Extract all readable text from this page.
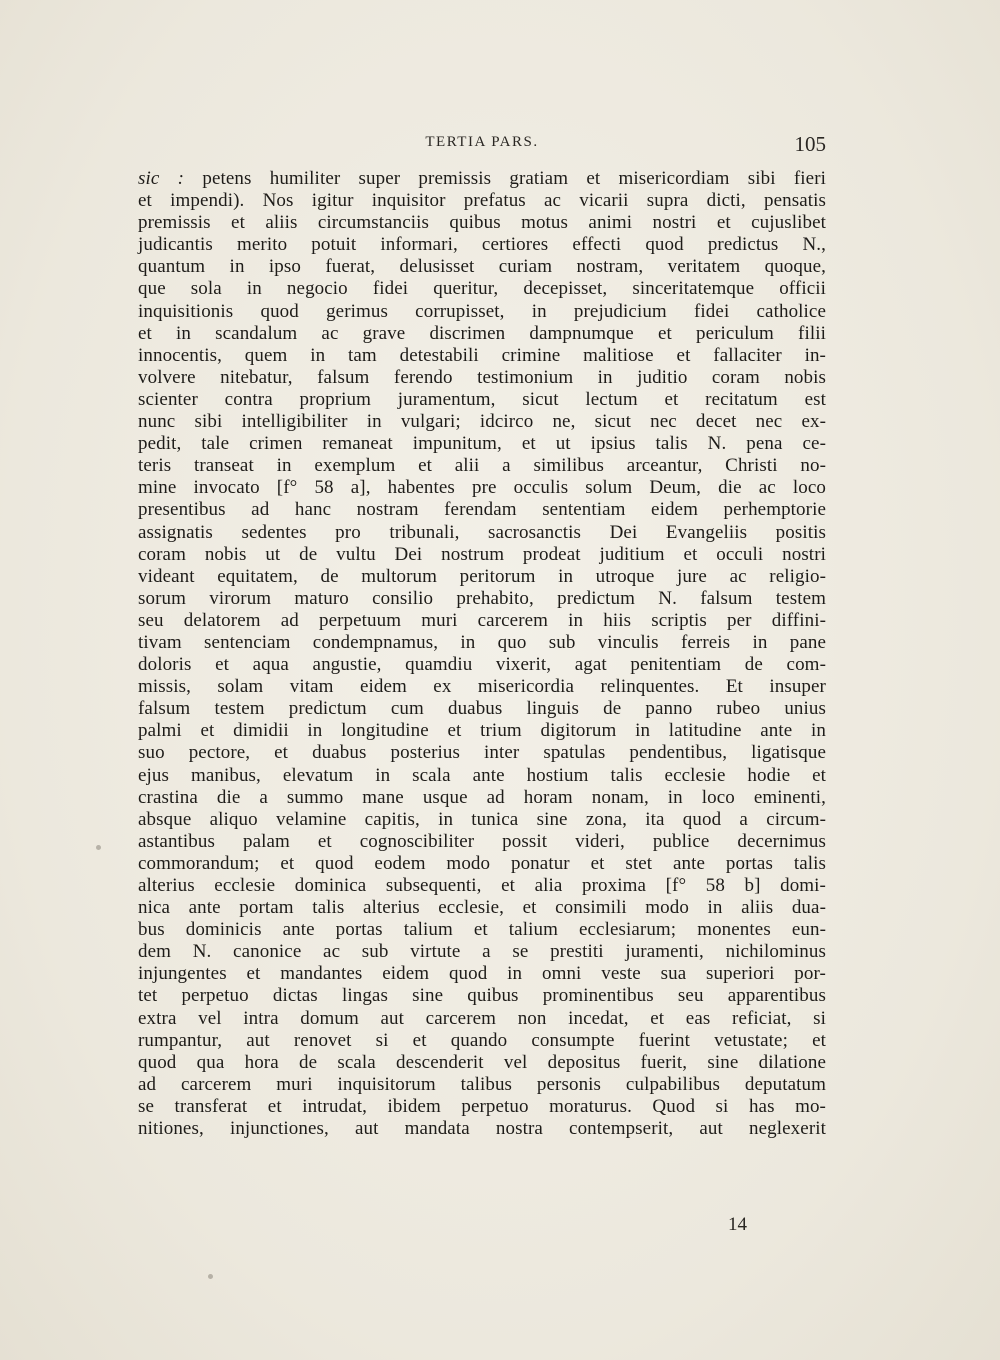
TERTIA PARS.	105
sic : petens humiliter super premissis gratiam et misericordiam sibi fieri
et impendi). Nos igitur inquisitor prefatus ac vicarii supra dicti, pensatis
premissis et aliis circumstanciis quibus motus animi nostri et cujuslibet
judicantis merito potuit informari, certiores effecti quod predictus N.,
quantum in ipso fuerat, delusisset curiam nostram, veritatem quoque,
que sola in negocio fidei queritur, decepisset, sinceritatemque officii
inquisitionis quod gerimus corrupisset, in prejudicium fidei catholice
et in scandalum ac grave discrimen dampnumque et periculum filii
innocentis, quem in tam detestabili crimine malitiose et fallaciter in-
volvere nitebatur, falsum ferendo testimonium in juditio coram nobis
scienter contra proprium juramentum, sicut lectum et recitatum est
nunc sibi intelligibiliter in vulgari; idcirco ne, sicut nec decet nec ex-
pedit, tale crimen remaneat impunitum, et ut ipsius talis N. pena ce-
teris transeat in exemplum et alii a similibus arceantur, Christi no-
mine invocato [f° 58 a], habentes pre occulis solum Deum, die ac loco
presentibus ad hanc nostram ferendam sententiam eidem perhemptorie
assignatis sedentes pro tribunali, sacrosanctis Dei Evangeliis positis
coram nobis ut de vultu Dei nostrum prodeat juditium et occuli nostri
videant equitatem, de multorum peritorum in utroque jure ac religio-
sorum virorum maturo consilio prehabito, predictum N. falsum testem
seu delatorem ad perpetuum muri carcerem in hiis scriptis per diffini-
tivam sentenciam condempnamus, in quo sub vinculis ferreis in pane
doloris et aqua angustie, quamdiu vixerit, agat penitentiam de com-
missis, solam vitam eidem ex misericordia relinquentes. Et insuper
falsum testem predictum cum duabus linguis de panno rubeo unius
palmi et dimidii in longitudine et trium digitorum in latitudine ante in
suo pectore, et duabus posterius inter spatulas pendentibus, ligatisque
ejus manibus, elevatum in scala ante hostium talis ecclesie hodie et
crastina die a summo mane usque ad horam nonam, in loco eminenti,
absque aliquo velamine capitis, in tunica sine zona, ita quod a circum-
astantibus palam et cognoscibiliter possit videri, publice decernimus
commorandum; et quod eodem modo ponatur et stet ante portas talis
alterius ecclesie dominica subsequenti, et alia proxima [f° 58 b] domi-
nica ante portam talis alterius ecclesie, et consimili modo in aliis dua-
bus dominicis ante portas talium et talium ecclesiarum; monentes eun-
dem N. canonice ac sub virtute a se prestiti juramenti, nichilominus
injungentes et mandantes eidem quod in omni veste sua superiori por-
tet perpetuo dictas lingas sine quibus prominentibus seu apparentibus
extra vel intra domum aut carcerem non incedat, et eas reficiat, si
rumpantur, aut renovet si et quando consumpte fuerint vetustate; et
quod qua hora de scala descenderit vel depositus fuerit, sine dilatione
ad carcerem muri inquisitorum talibus personis culpabilibus deputatum
se transferat et intrudat, ibidem perpetuo moraturus. Quod si has mo-
nitiones, injunctiones, aut mandata nostra contempserit, aut neglexerit
14
